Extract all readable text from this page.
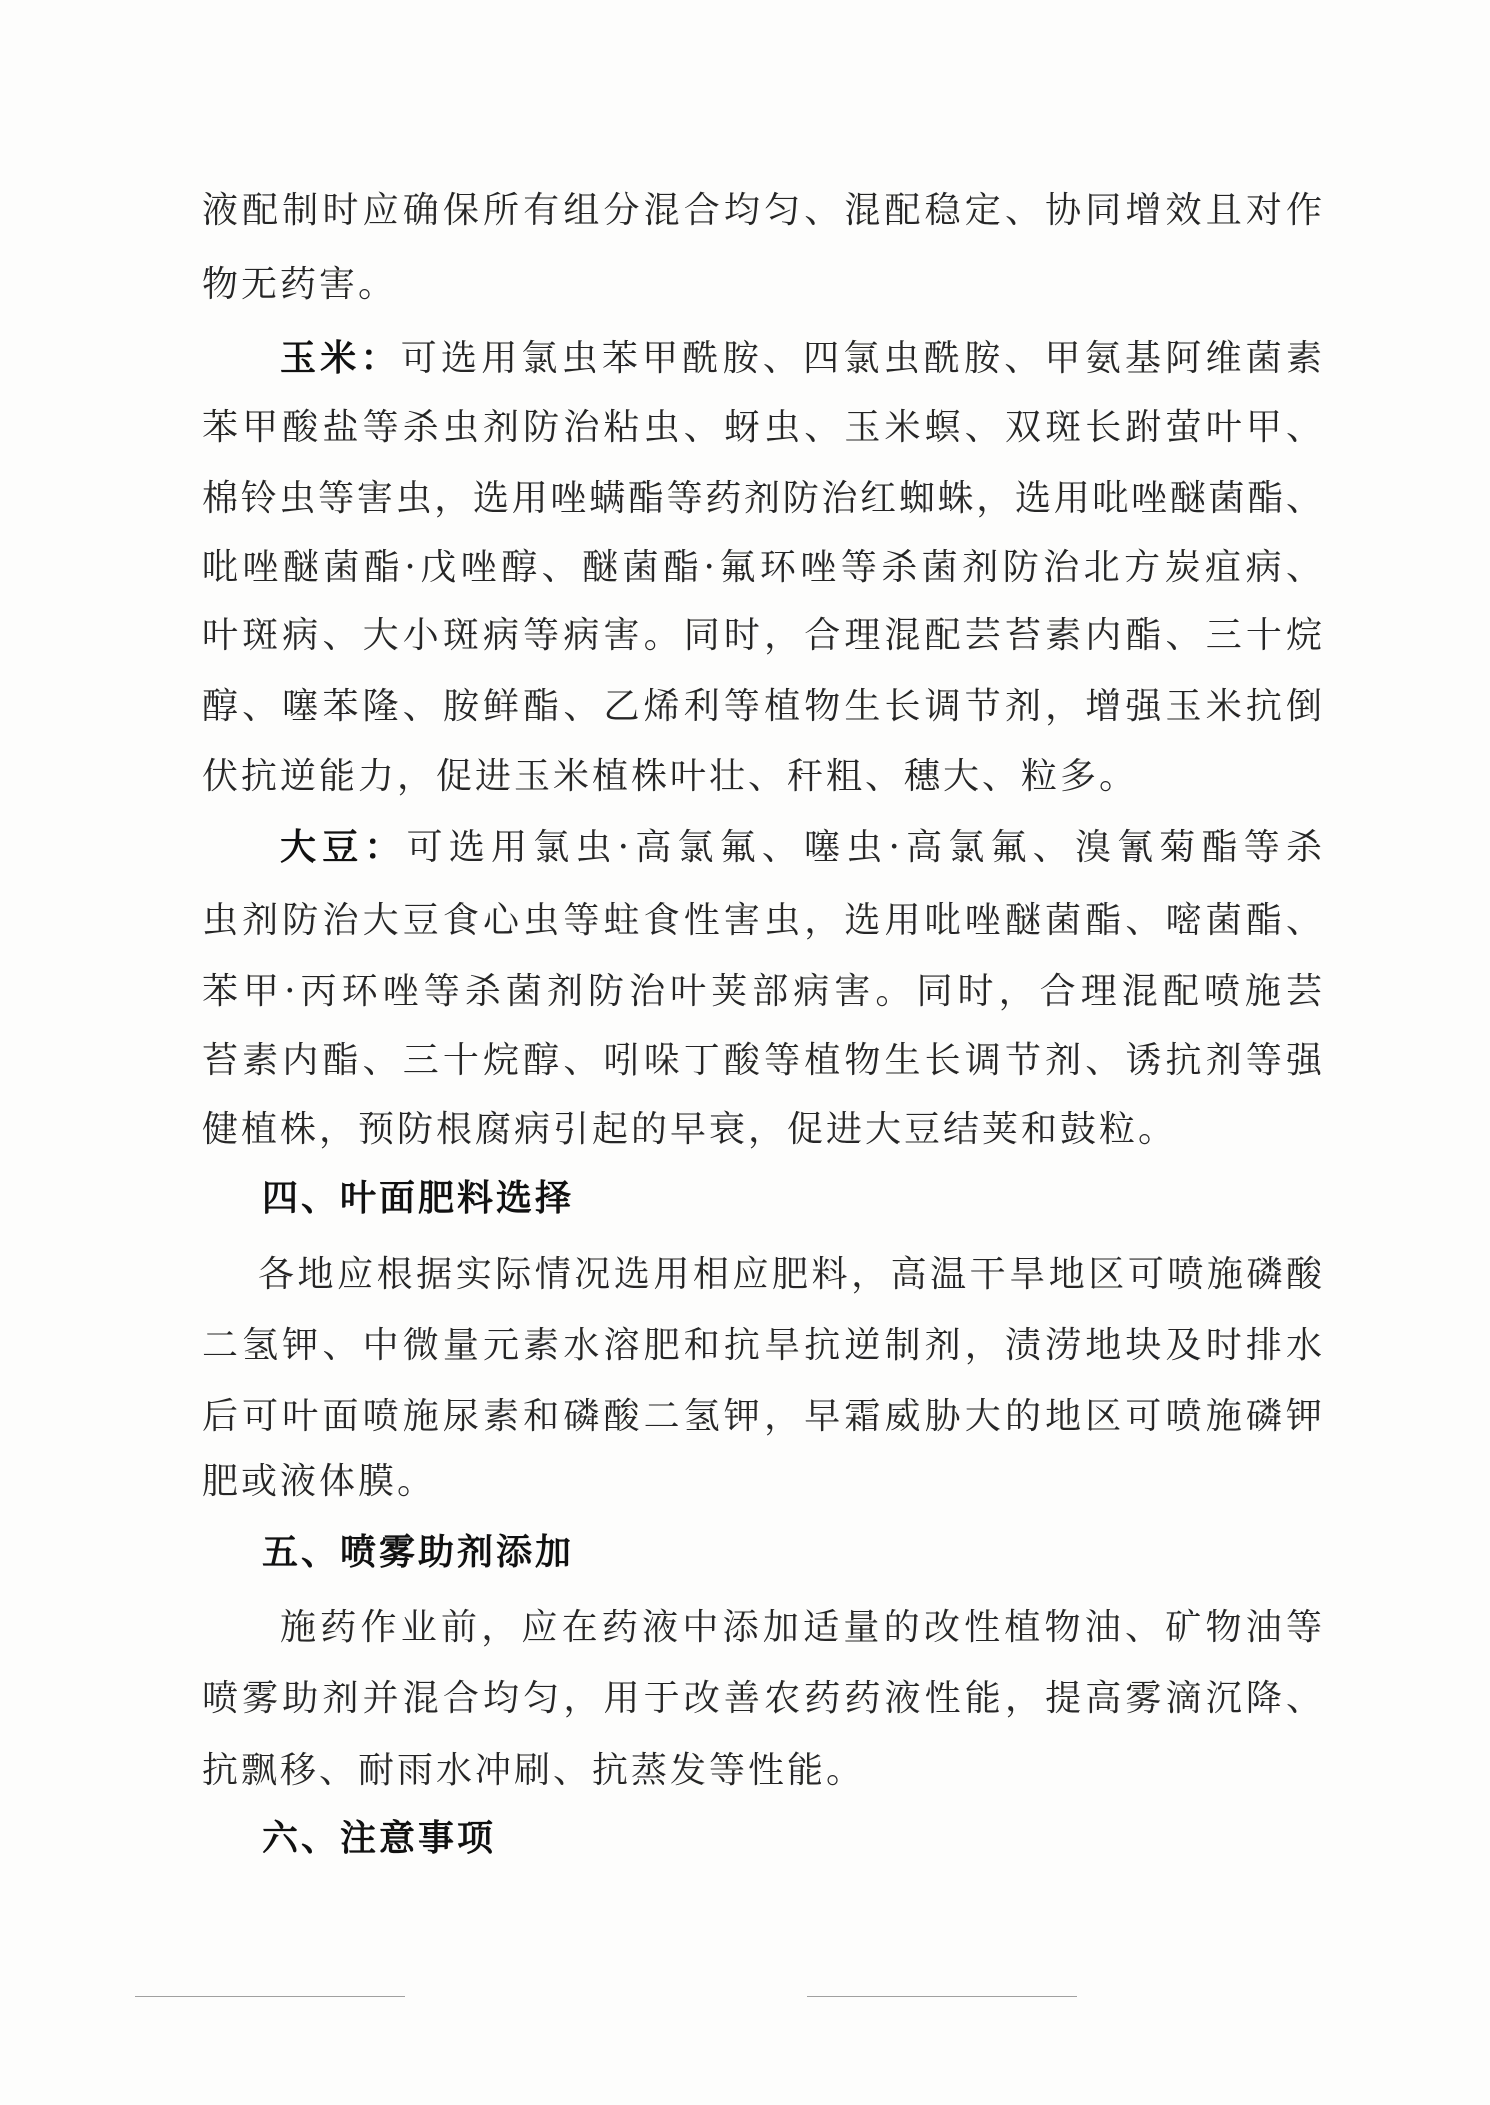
液配制时应确保所有组分混合均匀、混配稳定、协同增效且对作
物无药害。
玉米：可选用氯虫苯甲酰胺、四氯虫酰胺、甲氨基阿维菌素
苯甲酸盐等杀虫剂防治粘虫、蚜虫、玉米螟、双斑长跗萤叶甲、
棉铃虫等害虫，选用唑螨酯等药剂防治红蜘蛛，选用吡唑醚菌酯、
吡唑醚菌酯·戊唑醇、醚菌酯·氟环唑等杀菌剂防治北方炭疽病、
叶斑病、大小斑病等病害。同时，合理混配芸苔素内酯、三十烷
醇、噻苯隆、胺鲜酯、乙烯利等植物生长调节剂，增强玉米抗倒
伏抗逆能力，促进玉米植株叶壮、秆粗、穗大、粒多。
大豆：可选用氯虫·高氯氟、噻虫·高氯氟、溴氰菊酯等杀
虫剂防治大豆食心虫等蛀食性害虫，选用吡唑醚菌酯、嘧菌酯、
苯甲·丙环唑等杀菌剂防治叶荚部病害。同时，合理混配喷施芸
苔素内酯、三十烷醇、吲哚丁酸等植物生长调节剂、诱抗剂等强
健植株，预防根腐病引起的早衰，促进大豆结荚和鼓粒。
四、叶面肥料选择
各地应根据实际情况选用相应肥料，高温干旱地区可喷施磷酸
二氢钾、中微量元素水溶肥和抗旱抗逆制剂，渍涝地块及时排水
后可叶面喷施尿素和磷酸二氢钾，早霜威胁大的地区可喷施磷钾
肥或液体膜。
五、喷雾助剂添加
施药作业前，应在药液中添加适量的改性植物油、矿物油等
喷雾助剂并混合均匀，用于改善农药药液性能，提高雾滴沉降、
抗飘移、耐雨水冲刷、抗蒸发等性能。
六、注意事项
